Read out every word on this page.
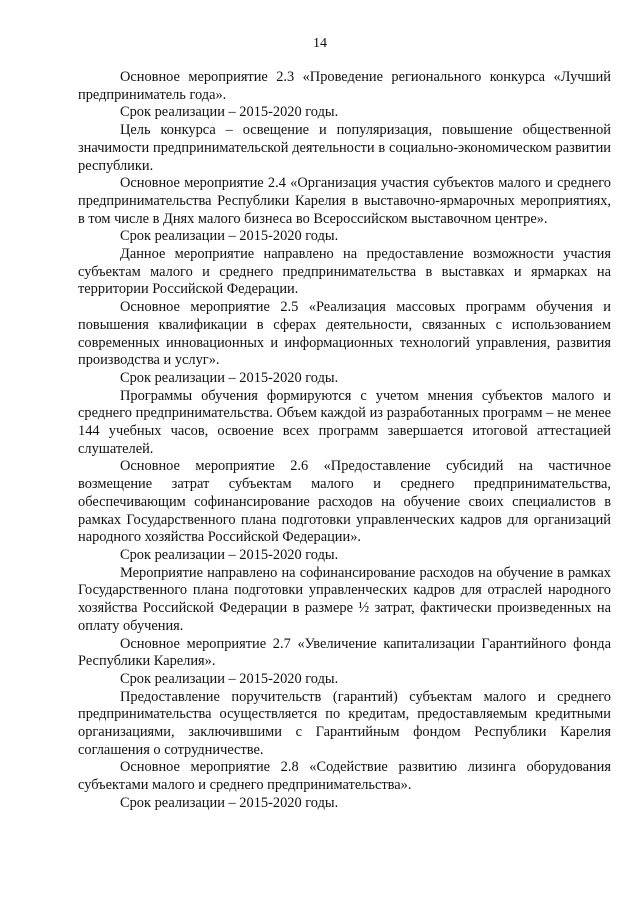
14

Основное мероприятие 2.3 «Проведение регионального конкурса «Лучший предприниматель года».

Срок реализации – 2015-2020 годы.

Цель конкурса – освещение и популяризация, повышение общественной значимости предпринимательской деятельности в социально-экономическом развитии республики.

Основное мероприятие 2.4 «Организация участия субъектов малого и среднего предпринимательства Республики Карелия в выставочно-ярмарочных мероприятиях, в том числе в Днях малого бизнеса во Всероссийском выставочном центре».

Срок реализации – 2015-2020 годы.

Данное мероприятие направлено на предоставление возможности участия субъектам малого и среднего предпринимательства в выставках и ярмарках на территории Российской Федерации.

Основное мероприятие 2.5 «Реализация массовых программ обучения и повышения квалификации в сферах деятельности, связанных с использованием современных инновационных и информационных технологий управления, развития производства и услуг».

Срок реализации – 2015-2020 годы.

Программы обучения формируются с учетом мнения субъектов малого и среднего предпринимательства. Объем каждой из разработанных программ – не менее 144 учебных часов, освоение всех программ завершается итоговой аттестацией слушателей.

Основное мероприятие 2.6 «Предоставление субсидий на частичное возмещение затрат субъектам малого и среднего предпринимательства, обеспечивающим софинансирование расходов на обучение своих специалистов в рамках Государственного плана подготовки управленческих кадров для организаций народного хозяйства Российской Федерации».

Срок реализации – 2015-2020 годы.

Мероприятие направлено на софинансирование расходов на обучение в рамках Государственного плана подготовки управленческих кадров для отраслей народного хозяйства Российской Федерации в размере ½ затрат, фактически произведенных на оплату обучения.

Основное мероприятие 2.7 «Увеличение капитализации Гарантийного фонда Республики Карелия».

Срок реализации – 2015-2020 годы.

Предоставление поручительств (гарантий) субъектам малого и среднего предпринимательства осуществляется по кредитам, предоставляемым кредитными организациями, заключившими с Гарантийным фондом Республики Карелия соглашения о сотрудничестве.

Основное мероприятие 2.8 «Содействие развитию лизинга оборудования субъектами малого и среднего предпринимательства».

Срок реализации – 2015-2020 годы.
